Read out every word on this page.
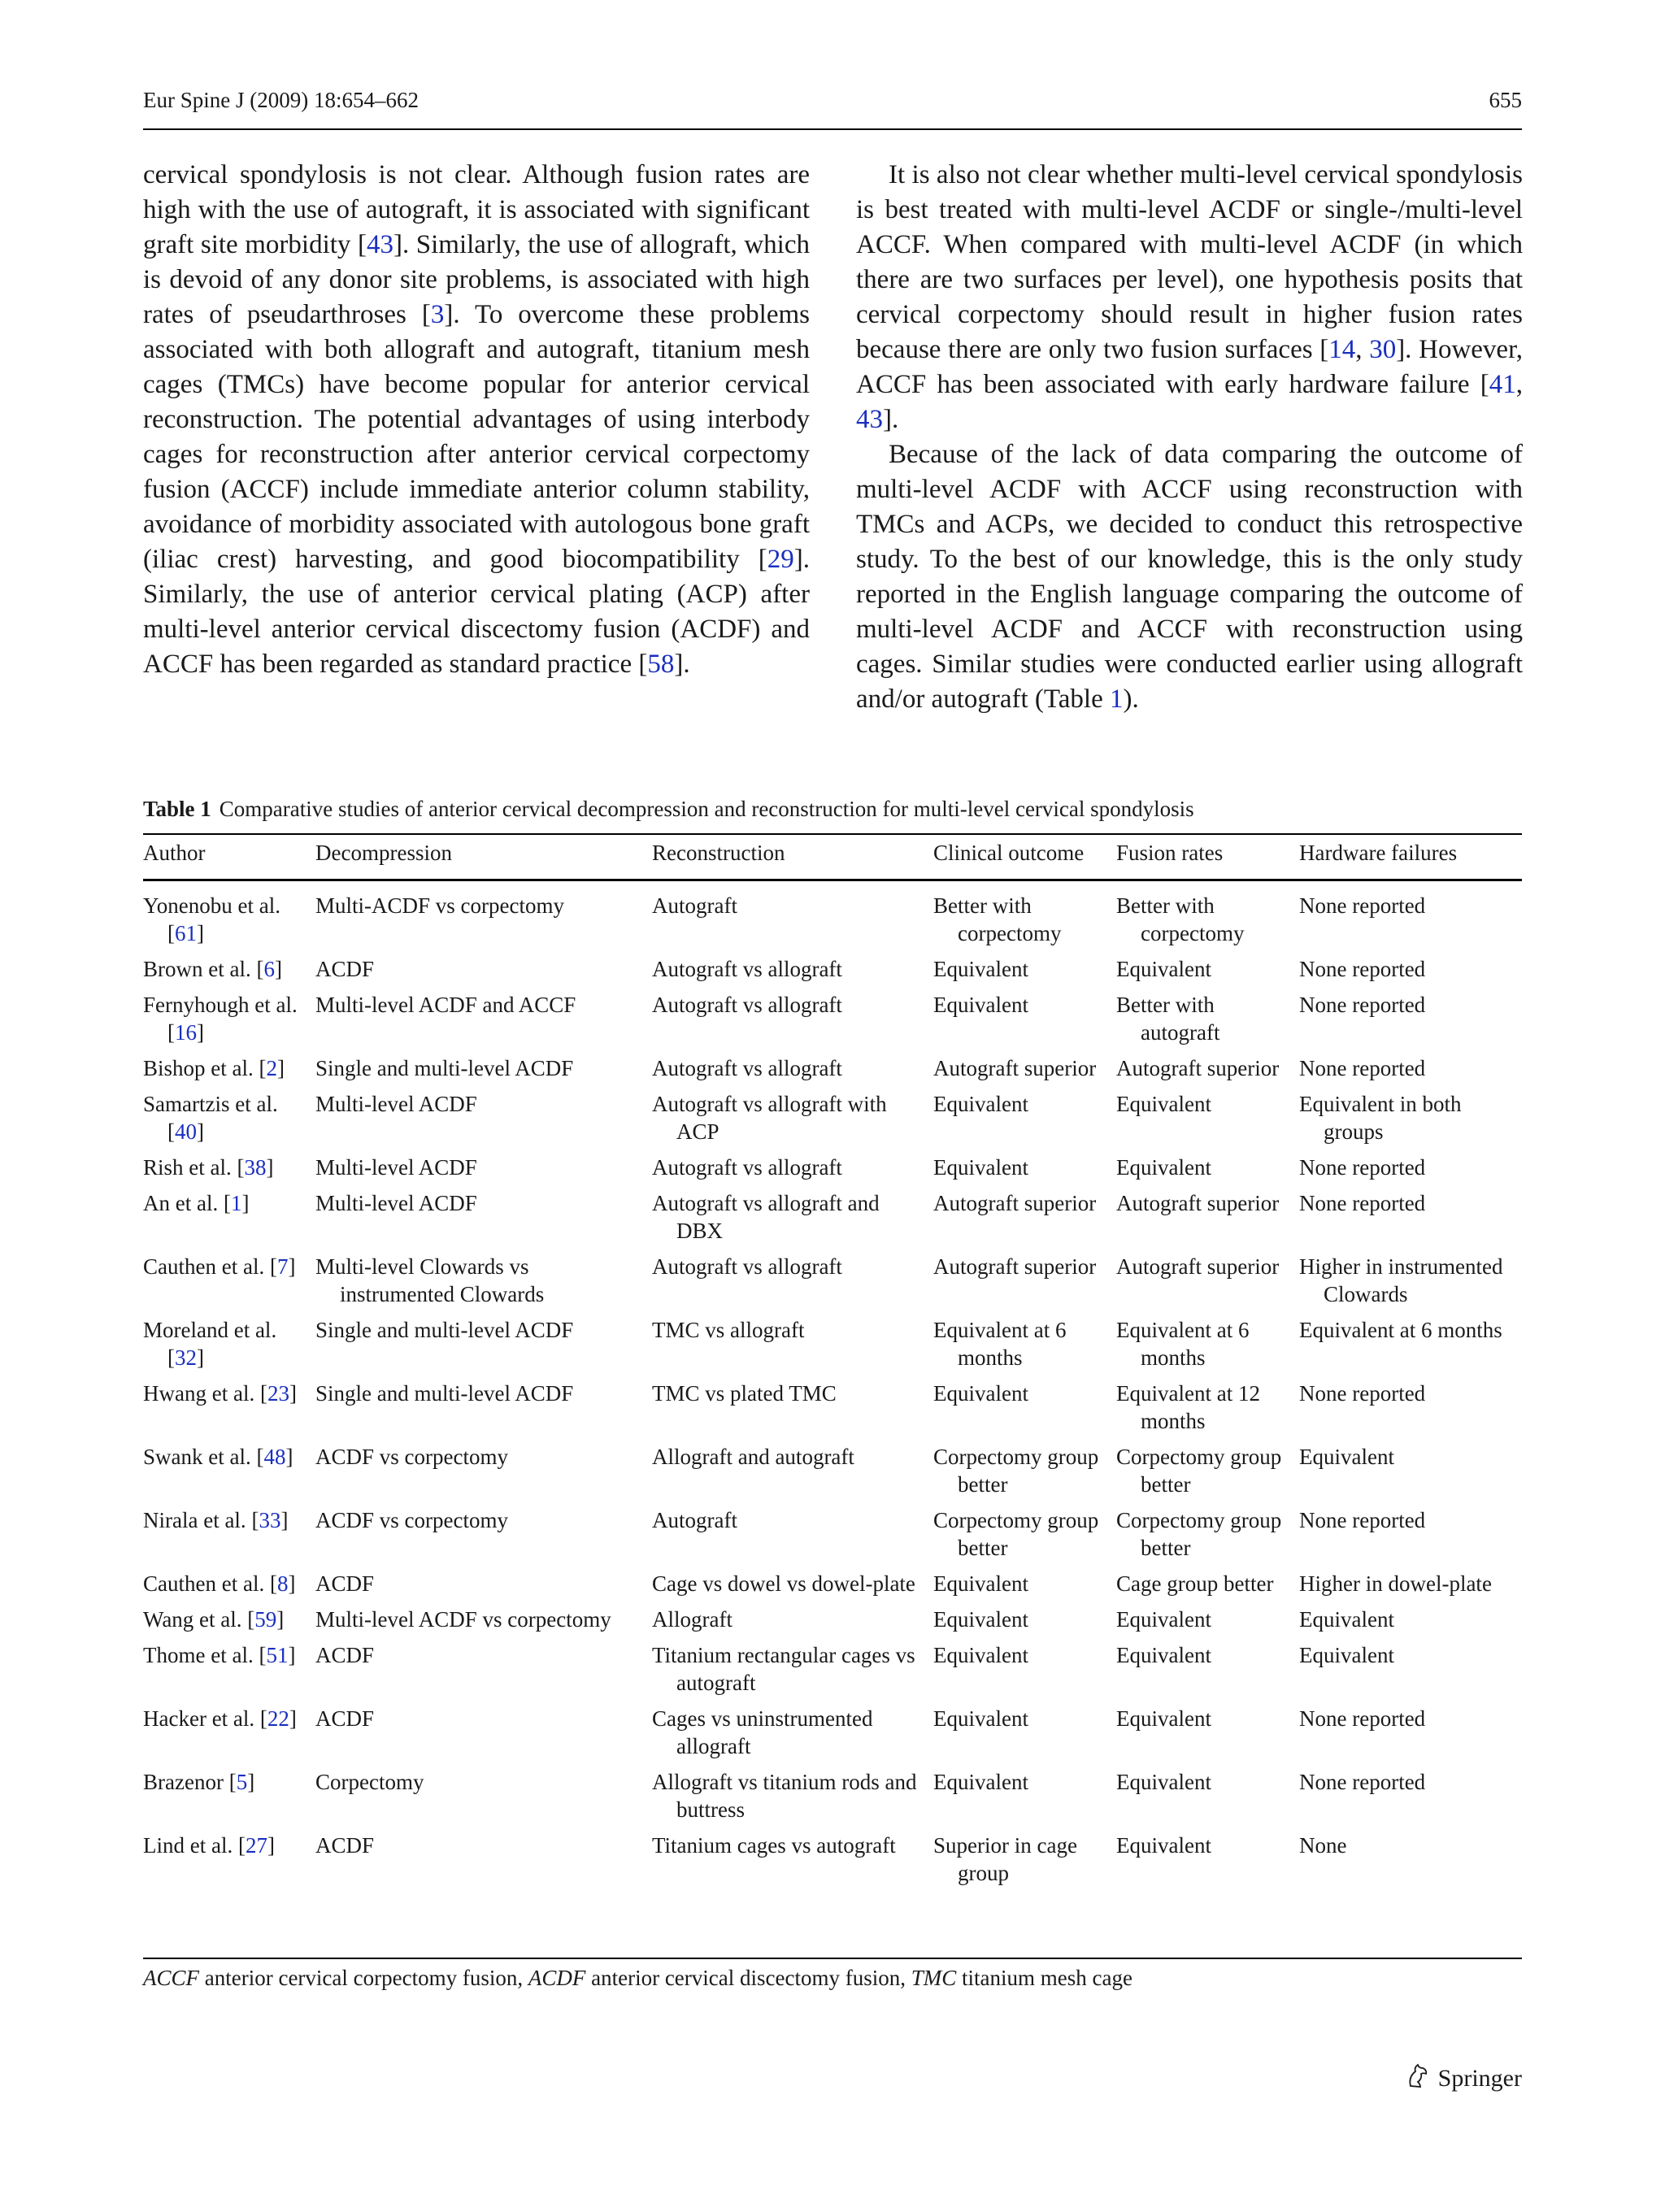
Eur Spine J (2009) 18:654–662	655

cervical spondylosis is not clear. Although fusion rates are high with the use of autograft, it is associated with significant graft site morbidity [43]. Similarly, the use of allograft, which is devoid of any donor site problems, is associated with high rates of pseudarthroses [3]. To overcome these problems associated with both allograft and autograft, titanium mesh cages (TMCs) have become popular for anterior cervical reconstruction. The potential advantages of using interbody cages for reconstruction after anterior cervical corpectomy fusion (ACCF) include immediate anterior column stability, avoidance of morbidity associated with autologous bone graft (iliac crest) harvesting, and good biocompatibility [29]. Similarly, the use of anterior cervical plating (ACP) after multi-level anterior cervical discectomy fusion (ACDF) and ACCF has been regarded as standard practice [58].

It is also not clear whether multi-level cervical spondylosis is best treated with multi-level ACDF or single-/multi-level ACCF. When compared with multi-level ACDF (in which there are two surfaces per level), one hypothesis posits that cervical corpectomy should result in higher fusion rates because there are only two fusion surfaces [14, 30]. However, ACCF has been associated with early hardware failure [41, 43].

Because of the lack of data comparing the outcome of multi-level ACDF with ACCF using reconstruction with TMCs and ACPs, we decided to conduct this retrospective study. To the best of our knowledge, this is the only study reported in the English language comparing the outcome of multi-level ACDF and ACCF with reconstruction using cages. Similar studies were conducted earlier using allograft and/or autograft (Table 1).

Table 1 Comparative studies of anterior cervical decompression and reconstruction for multi-level cervical spondylosis
Author	Decompression	Reconstruction	Clinical outcome	Fusion rates	Hardware failures
Yonenobu et al. [61]	Multi-ACDF vs corpectomy	Autograft	Better with corpectomy	Better with corpectomy	None reported

Brown et al. [6]	ACDF	Autograft vs allograft	Equivalent	Equivalent	None reported

Fernyhough et al. [16]	Multi-level ACDF and ACCF	Autograft vs allograft	Equivalent	Better with autograft	None reported

Bishop et al. [2]	Single and multi-level ACDF	Autograft vs allograft	Autograft superior	Autograft superior	None reported

Samartzis et al. [40]	Multi-level ACDF	Autograft vs allograft with ACP	Equivalent	Equivalent	Equivalent in both groups

Rish et al. [38]	Multi-level ACDF	Autograft vs allograft	Equivalent	Equivalent	None reported

An et al. [1]	Multi-level ACDF	Autograft vs allograft and DBX	Autograft superior	Autograft superior	None reported

Cauthen et al. [7]	Multi-level Clowards vs instrumented Clowards	Autograft vs allograft	Autograft superior	Autograft superior	Higher in instrumented Clowards

Moreland et al. [32]	Single and multi-level ACDF	TMC vs allograft	Equivalent at 6 months	Equivalent at 6 months	Equivalent at 6 months

Hwang et al. [23]	Single and multi-level ACDF	TMC vs plated TMC	Equivalent	Equivalent at 12 months	None reported

Swank et al. [48]	ACDF vs corpectomy	Allograft and autograft	Corpectomy group better	Corpectomy group better	Equivalent

Nirala et al. [33]	ACDF vs corpectomy	Autograft	Corpectomy group better	Corpectomy group better	None reported

Cauthen et al. [8]	ACDF	Cage vs dowel vs dowel-plate	Equivalent	Cage group better	Higher in dowel-plate

Wang et al. [59]	Multi-level ACDF vs corpectomy	Allograft	Equivalent	Equivalent	Equivalent

Thome et al. [51]	ACDF	Titanium rectangular cages vs autograft	Equivalent	Equivalent	Equivalent

Hacker et al. [22]	ACDF	Cages vs uninstrumented allograft	Equivalent	Equivalent	None reported

Brazenor [5]	Corpectomy	Allograft vs titanium rods and buttress	Equivalent	Equivalent	None reported

Lind et al. [27]	ACDF	Titanium cages vs autograft	Superior in cage group	Equivalent	None
ACCF anterior cervical corpectomy fusion, ACDF anterior cervical discectomy fusion, TMC titanium mesh cage
Springer
